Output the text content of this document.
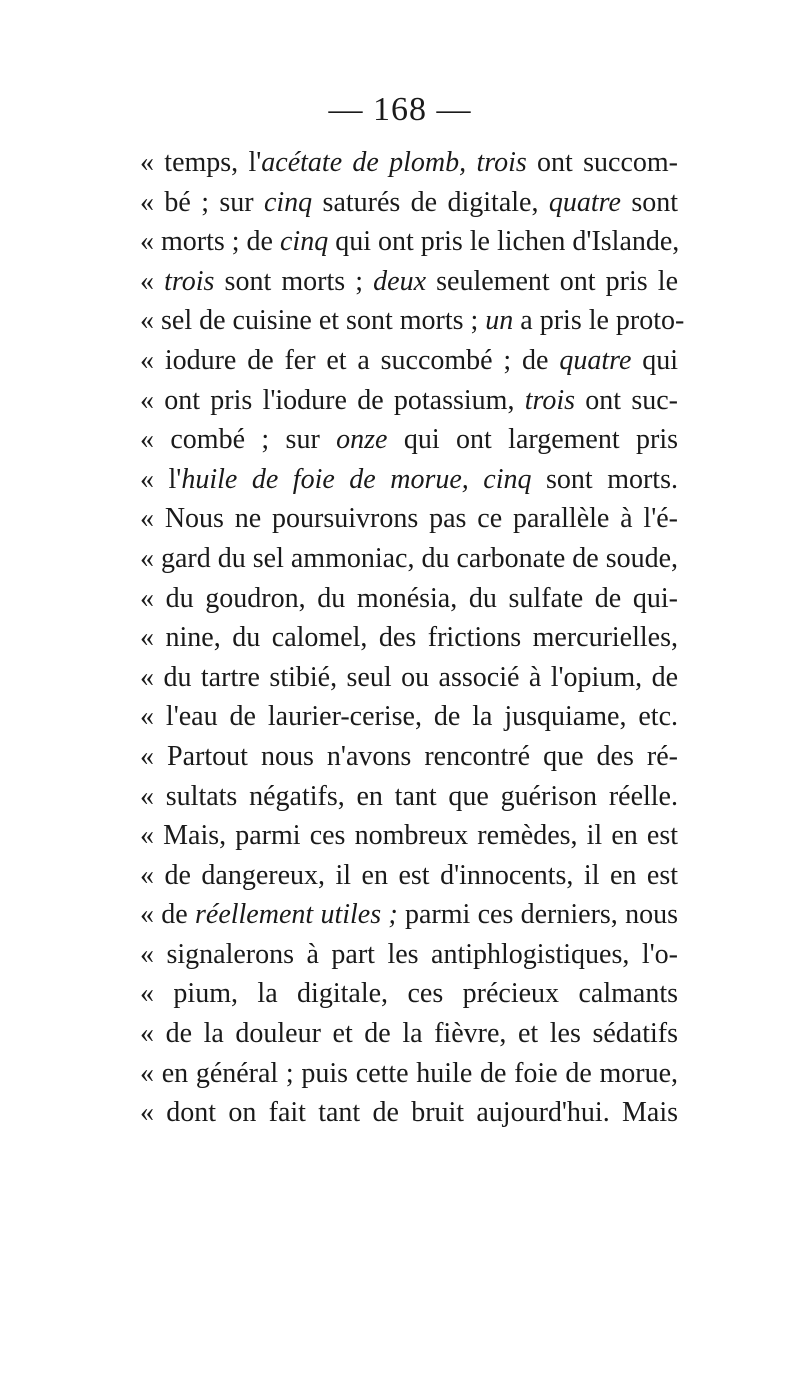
— 168 —
« temps, l'acétate de plomb, trois ont succom-
« bé ; sur cinq saturés de digitale, quatre sont
« morts ; de cinq qui ont pris le lichen d'Islande,
« trois sont morts ; deux seulement ont pris le
« sel de cuisine et sont morts ; un a pris le proto-
« iodure de fer et a succombé ; de quatre qui
« ont pris l'iodure de potassium, trois ont suc-
« combé ; sur onze qui ont largement pris
« l'huile de foie de morue, cinq sont morts.
« Nous ne poursuivrons pas ce parallèle à l'é-
« gard du sel ammoniac, du carbonate de soude,
« du goudron, du monésia, du sulfate de qui-
« nine, du calomel, des frictions mercurielles,
« du tartre stibié, seul ou associé à l'opium, de
« l'eau de laurier-cerise, de la jusquiame, etc.
« Partout nous n'avons rencontré que des ré-
« sultats négatifs, en tant que guérison réelle.
« Mais, parmi ces nombreux remèdes, il en est
« de dangereux, il en est d'innocents, il en est
« de réellement utiles ; parmi ces derniers, nous
« signalerons à part les antiphlogistiques, l'o-
« pium, la digitale, ces précieux calmants
« de la douleur et de la fièvre, et les sédatifs
« en général ; puis cette huile de foie de morue,
« dont on fait tant de bruit aujourd'hui. Mais
